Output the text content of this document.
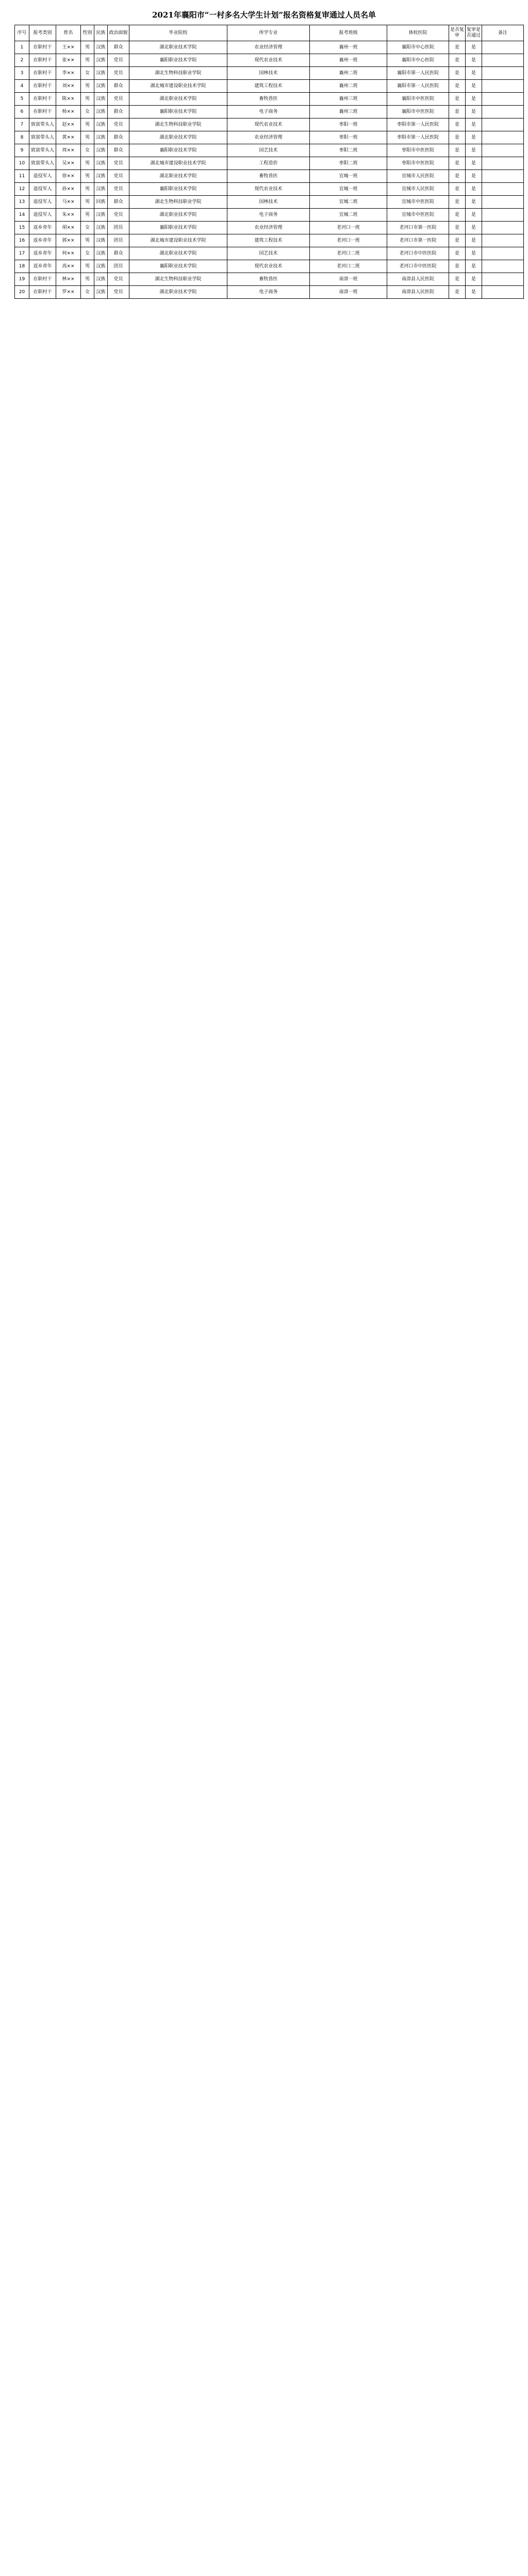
2021年襄阳市“一村多名大学生计划”报名资格复审通过人员名单
序号	报考类别	姓名	性别	民族	政治面貌	毕业院校	所学专业	报考班级	体检医院	是否复审	复审是否通过	备注
1	在职村干	王××	男	汉族	群众	湖北职业技术学院	农业经济管理	襄州一班	襄阳市中心医院	是	是	
2	在职村干	张××	男	汉族	党员	襄阳职业技术学院	现代农业技术	襄州一班	襄阳市中心医院	是	是	
3	在职村干	李××	女	汉族	党员	湖北生物科技职业学院	园林技术	襄州二班	襄阳市第一人民医院	是	是	
4	在职村干	刘××	男	汉族	群众	湖北城市建设职业技术学院	建筑工程技术	襄州二班	襄阳市第一人民医院	是	是	
5	在职村干	陈××	男	汉族	党员	湖北职业技术学院	畜牧兽医	襄州三班	襄阳市中医医院	是	是	
6	在职村干	杨××	女	汉族	群众	襄阳职业技术学院	电子商务	襄州三班	襄阳市中医医院	是	是	
7	致富带头人	赵××	男	汉族	党员	湖北生物科技职业学院	现代农业技术	枣阳一班	枣阳市第一人民医院	是	是	
8	致富带头人	黄××	男	汉族	群众	湖北职业技术学院	农业经济管理	枣阳一班	枣阳市第一人民医院	是	是	
9	致富带头人	周××	女	汉族	群众	襄阳职业技术学院	园艺技术	枣阳二班	枣阳市中医医院	是	是	
10	致富带头人	吴××	男	汉族	党员	湖北城市建设职业技术学院	工程造价	枣阳二班	枣阳市中医医院	是	是	
11	退役军人	徐××	男	汉族	党员	湖北职业技术学院	畜牧兽医	宜城一班	宜城市人民医院	是	是	
12	退役军人	孙××	男	汉族	党员	襄阳职业技术学院	现代农业技术	宜城一班	宜城市人民医院	是	是	
13	退役军人	马××	男	回族	群众	湖北生物科技职业学院	园林技术	宜城二班	宜城市中医医院	是	是	
14	退役军人	朱××	男	汉族	党员	湖北职业技术学院	电子商务	宜城二班	宜城市中医医院	是	是	
15	返乡青年	胡××	女	汉族	团员	襄阳职业技术学院	农业经济管理	老河口一班	老河口市第一医院	是	是	
16	返乡青年	郭××	男	汉族	团员	湖北城市建设职业技术学院	建筑工程技术	老河口一班	老河口市第一医院	是	是	
17	返乡青年	何××	女	汉族	群众	湖北职业技术学院	园艺技术	老河口二班	老河口市中医医院	是	是	
18	返乡青年	高××	男	汉族	团员	襄阳职业技术学院	现代农业技术	老河口二班	老河口市中医医院	是	是	
19	在职村干	林××	男	汉族	党员	湖北生物科技职业学院	畜牧兽医	南漳一班	南漳县人民医院	是	是	
20	在职村干	罗××	女	汉族	党员	湖北职业技术学院	电子商务	南漳一班	南漳县人民医院	是	是	
